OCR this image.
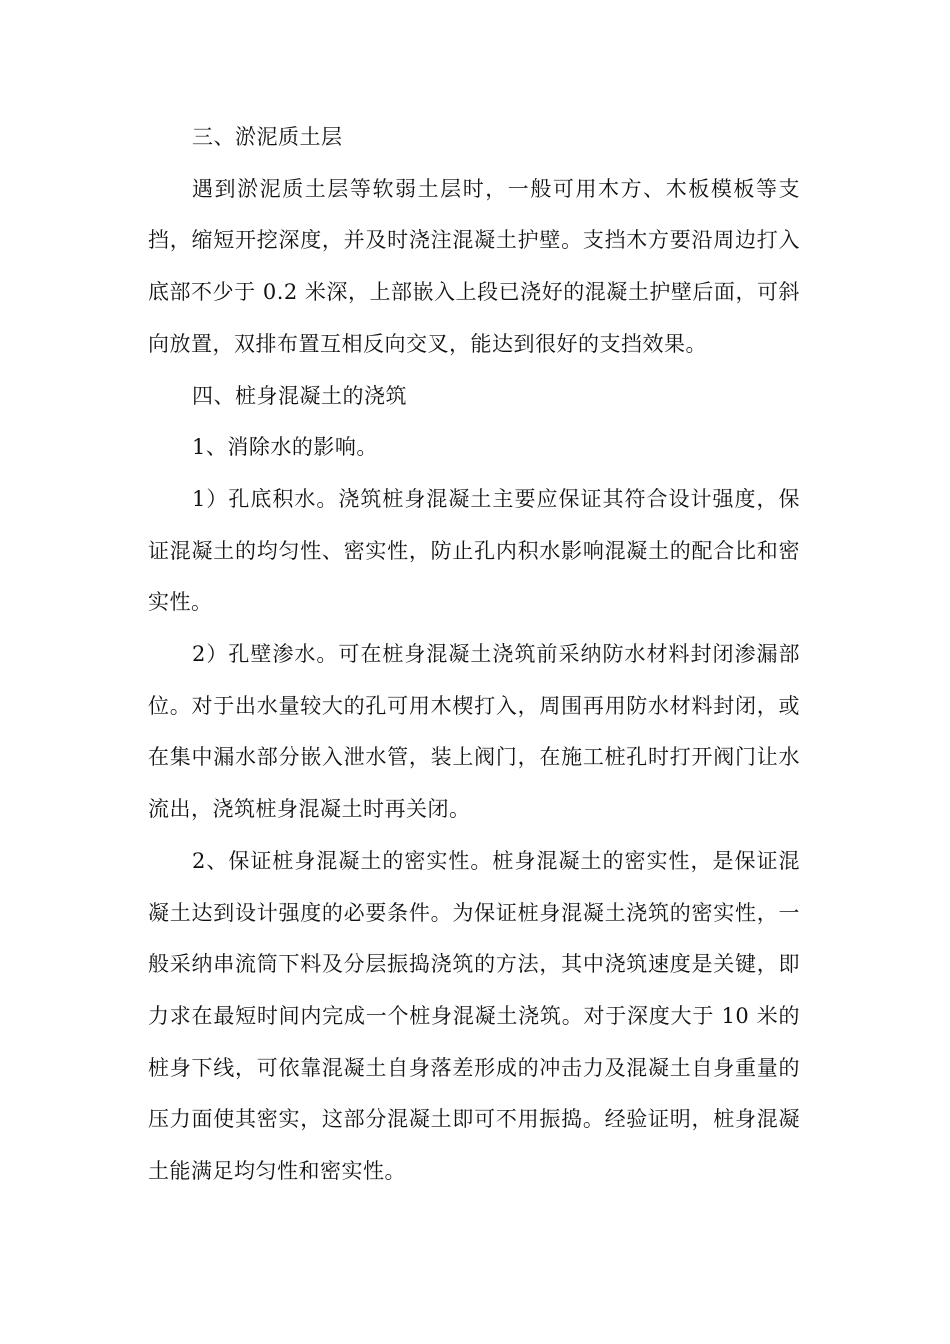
三、淤泥质土层

遇到淤泥质土层等软弱土层时，一般可用木方、木板模板等支挡，缩短开挖深度，并及时浇注混凝土护壁。支挡木方要沿周边打入底部不少于 0.2 米深，上部嵌入上段已浇好的混凝土护壁后面，可斜向放置，双排布置互相反向交叉，能达到很好的支挡效果。

四、桩身混凝土的浇筑

1、消除水的影响。

1）孔底积水。浇筑桩身混凝土主要应保证其符合设计强度，保证混凝土的均匀性、密实性，防止孔内积水影响混凝土的配合比和密实性。

2）孔壁渗水。可在桩身混凝土浇筑前采纳防水材料封闭渗漏部位。对于出水量较大的孔可用木楔打入，周围再用防水材料封闭，或在集中漏水部分嵌入泄水管，装上阀门，在施工桩孔时打开阀门让水流出，浇筑桩身混凝土时再关闭。

2、保证桩身混凝土的密实性。桩身混凝土的密实性，是保证混凝土达到设计强度的必要条件。为保证桩身混凝土浇筑的密实性，一般采纳串流筒下料及分层振捣浇筑的方法，其中浇筑速度是关键，即力求在最短时间内完成一个桩身混凝土浇筑。对于深度大于 10 米的桩身下线，可依靠混凝土自身落差形成的冲击力及混凝土自身重量的压力面使其密实，这部分混凝土即可不用振捣。经验证明，桩身混凝土能满足均匀性和密实性。
